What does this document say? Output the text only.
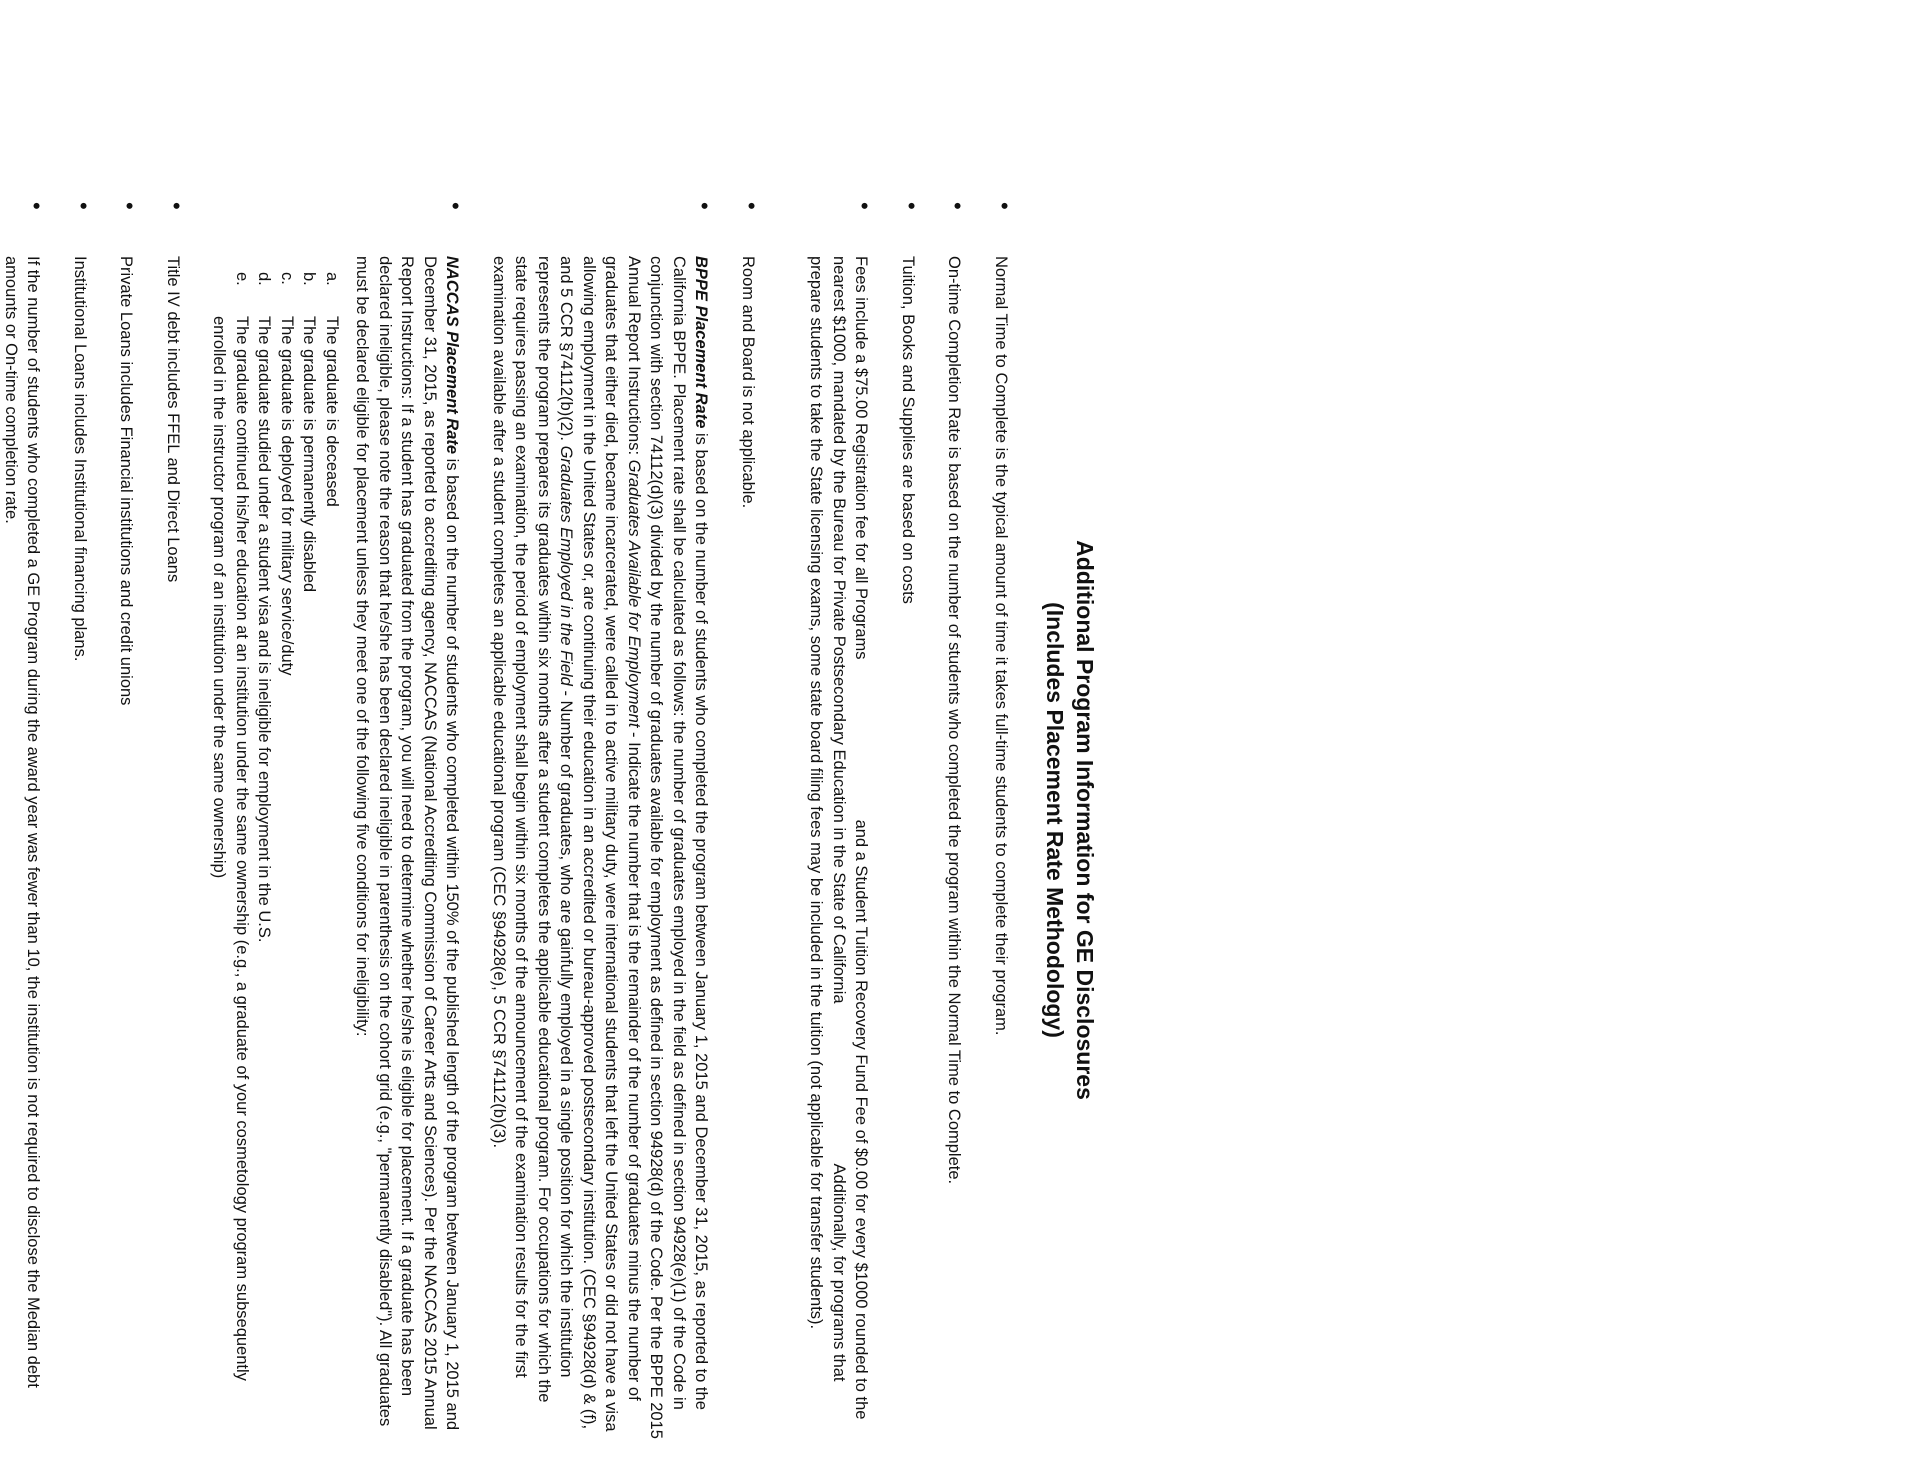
Additional Program Information for GE Disclosures
(Includes Placement Rate Methodology)
• Normal Time to Complete is the typical amount of time it takes full-time students to complete their program.
• On-time Completion Rate is based on the number of students who completed the program within the Normal Time to Complete.
• Tuition, Books and Supplies are based on costs
• Fees include a $75.00 Registration fee for all Programsand a Student Tuition Recovery Fund Fee of $0.00 for every $1000 rounded to the nearest $1000, mandated by the Bureau for Private Postsecondary Education in the State of CaliforniaAdditionally, for programs that prepare students to take the State licensing exams, some state board filing fees may be included in the tuition (not applicable for transfer students).
• Room and Board is not applicable.
• BPPE Placement Rate is based on the number of students who completed the program between January 1, 2015 and December 31, 2015, as reported to the California BPPE. Placement rate shall be calculated as follows: the number of graduates employed in the field as defined in section 94928(e)(1) of the Code in conjunction with section 74112(d)(3) divided by the number of graduates available for employment as defined in section 94928(d) of the Code. Per the BPPE 2015 Annual Report Instructions: Graduates Available for Employment - Indicate the number that is the remainder of the number of graduates minus the number of graduates that either died, became incarcerated, were called in to active military duty, were international students that left the United States or did not have a visa allowing employment in the United States or, are continuing their education in an accredited or bureau-approved postsecondary institution. (CEC §94928(d) & (f), and 5 CCR §74112(b)(2). Graduates Employed in the Field - Number of graduates, who are gainfully employed in a single position for which the institution represents the program prepares its graduates within six months after a student completes the applicable educational program. For occupations for which the state requires passing an examination, the period of employment shall begin within six months of the announcement of the examination results for the first examination available after a student completes an applicable educational program (CEC §94928(e), 5 CCR §74112(b)(3).
• NACCAS Placement Rate is based on the number of students who completed within 150% of the published length of the program between January 1, 2015 and December 31, 2015, as reported to accrediting agency, NACCAS (National Accrediting Commission of Career Arts and Sciences). Per the NACCAS 2015 Annual Report Instructions: If a student has graduated from the program, you will need to determine whether he/she is eligible for placement. If a graduate has been declared ineligible, please note the reason that he/she has been declared ineligible in parenthesis on the cohort grid (e.g., "permanently disabled"). All graduates must be declared eligible for placement unless they meet one of the following five conditions for ineligibility:
a.
The graduate is deceased
b.
The graduate is permanently disabled
c.
The graduate is deployed for military service/duty
d.
The graduate studied under a student visa and is ineligible for employment in the U.S.
e.
The graduate continued his/her education at an institution under the same ownership (e.g., a graduate of your cosmetology program subsequently enrolled in the instructor program of an institution under the same ownership)
• Title IV debt includes FFEL and Direct Loans
• Private Loans includes Financial institutions and credit unions
• Institutional Loans includes Institutional financing plans.
• If the number of students who completed a GE Program during the award year was fewer than 10, the institution is not required to disclose the Median debt amounts or On-time completion rate.
